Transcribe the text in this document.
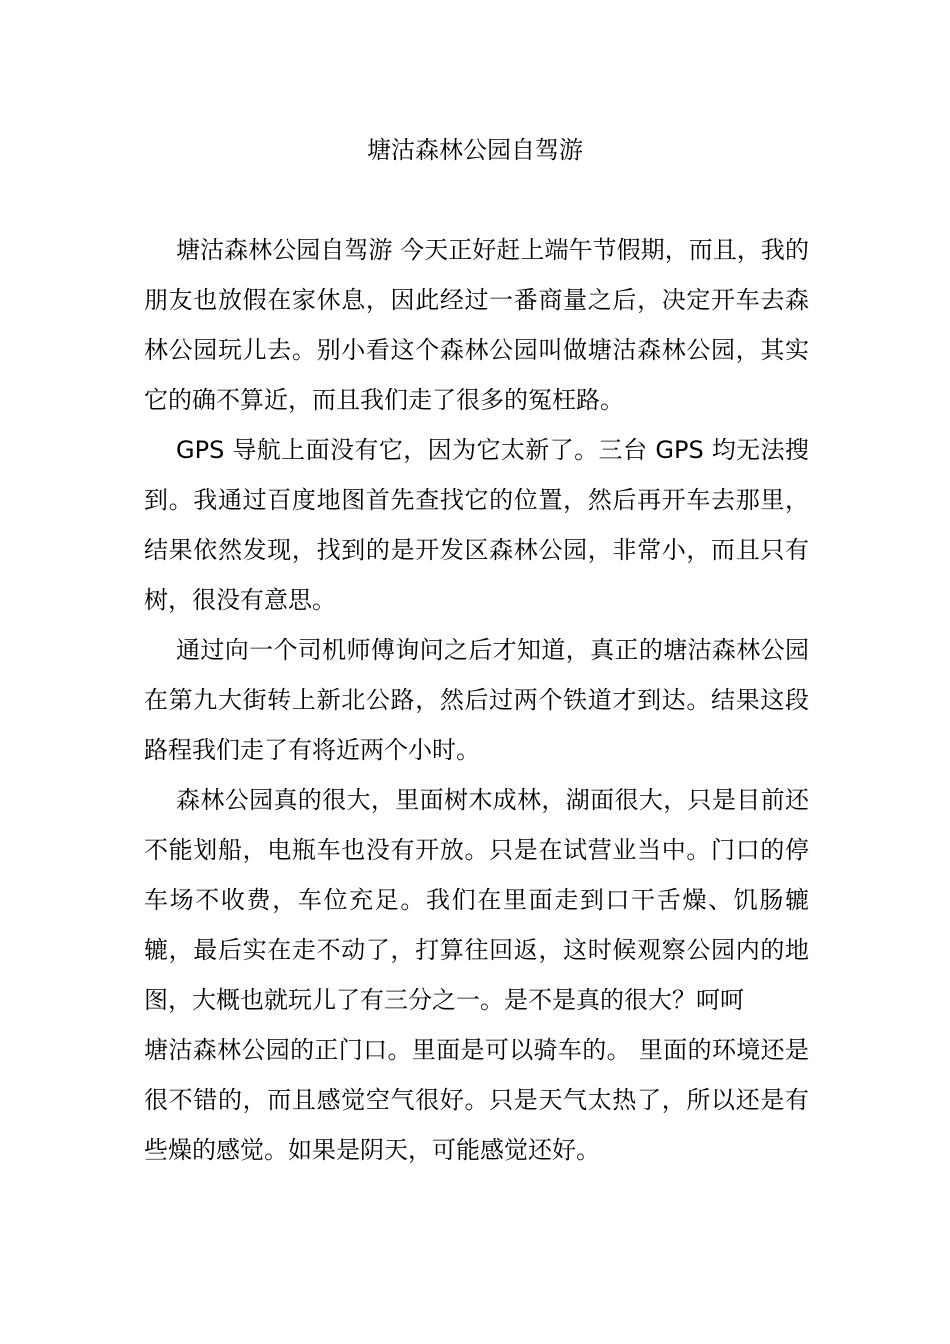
塘沽森林公园自驾游

塘沽森林公园自驾游 今天正好赶上端午节假期，而且，我的朋友也放假在家休息，因此经过一番商量之后，决定开车去森林公园玩儿去。别小看这个森林公园叫做塘沽森林公园，其实它的确不算近，而且我们走了很多的冤枉路。

GPS 导航上面没有它，因为它太新了。三台 GPS 均无法搜到。我通过百度地图首先查找它的位置，然后再开车去那里，结果依然发现，找到的是开发区森林公园，非常小，而且只有树，很没有意思。

通过向一个司机师傅询问之后才知道，真正的塘沽森林公园在第九大街转上新北公路，然后过两个铁道才到达。结果这段路程我们走了有将近两个小时。

森林公园真的很大，里面树木成林，湖面很大，只是目前还不能划船，电瓶车也没有开放。只是在试营业当中。门口的停车场不收费，车位充足。我们在里面走到口干舌燥、饥肠辘辘，最后实在走不动了，打算往回返，这时候观察公园内的地图，大概也就玩儿了有三分之一。是不是真的很大？呵呵

塘沽森林公园的正门口。里面是可以骑车的。 里面的环境还是很不错的，而且感觉空气很好。只是天气太热了，所以还是有些燥的感觉。如果是阴天，可能感觉还好。
